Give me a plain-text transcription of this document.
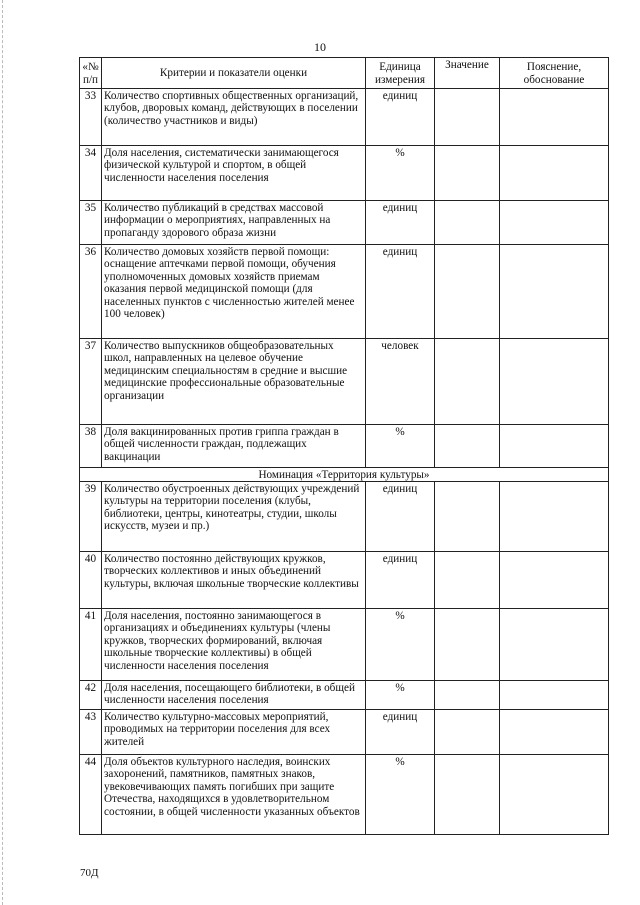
10
«№ п/п	Критерии и показатели оценки	Единица измерения	Значение	Пояснение, обоснование
33	Количество спортивных общественных организаций, клубов, дворовых команд, действующих в поселении (количество участников и виды)	единиц		
34	Доля населения, систематически занимающегося физической культурой и спортом, в общей численности населения поселения	%		
35	Количество публикаций в средствах массовой информации о мероприятиях, направленных на пропаганду здорового образа жизни	единиц		
36	Количество домовых хозяйств первой помощи: оснащение аптечками первой помощи, обучения уполномоченных домовых хозяйств приемам оказания первой медицинской помощи (для населенных пунктов с численностью жителей менее 100 человек)	единиц		
37	Количество выпускников общеобразовательных школ, направленных на целевое обучение медицинским специальностям в средние и высшие медицинские профессиональные образовательные организации	человек		
38	Доля вакцинированных против гриппа граждан в общей численности граждан, подлежащих вакцинации	%		
Номинация «Территория культуры»				
39	Количество обустроенных действующих учреждений культуры на территории поселения (клубы, библиотеки, центры, кинотеатры, студии, школы искусств, музеи и пр.)	единиц		
40	Количество постоянно действующих кружков, творческих коллективов и иных объединений культуры, включая школьные творческие коллективы	единиц		
41	Доля населения, постоянно занимающегося в организациях и объединениях культуры (члены кружков, творческих формирований, включая школьные творческие коллективы) в общей численности населения поселения	%		
42	Доля населения, посещающего библиотеки, в общей численности населения поселения	%		
43	Количество культурно-массовых мероприятий, проводимых на территории поселения для всех жителей	единиц		
44	Доля объектов культурного наследия, воинских захоронений, памятников, памятных знаков, увековечивающих память погибших при защите Отечества, находящихся в удовлетворительном состоянии, в общей численности указанных объектов	%		
70Д
